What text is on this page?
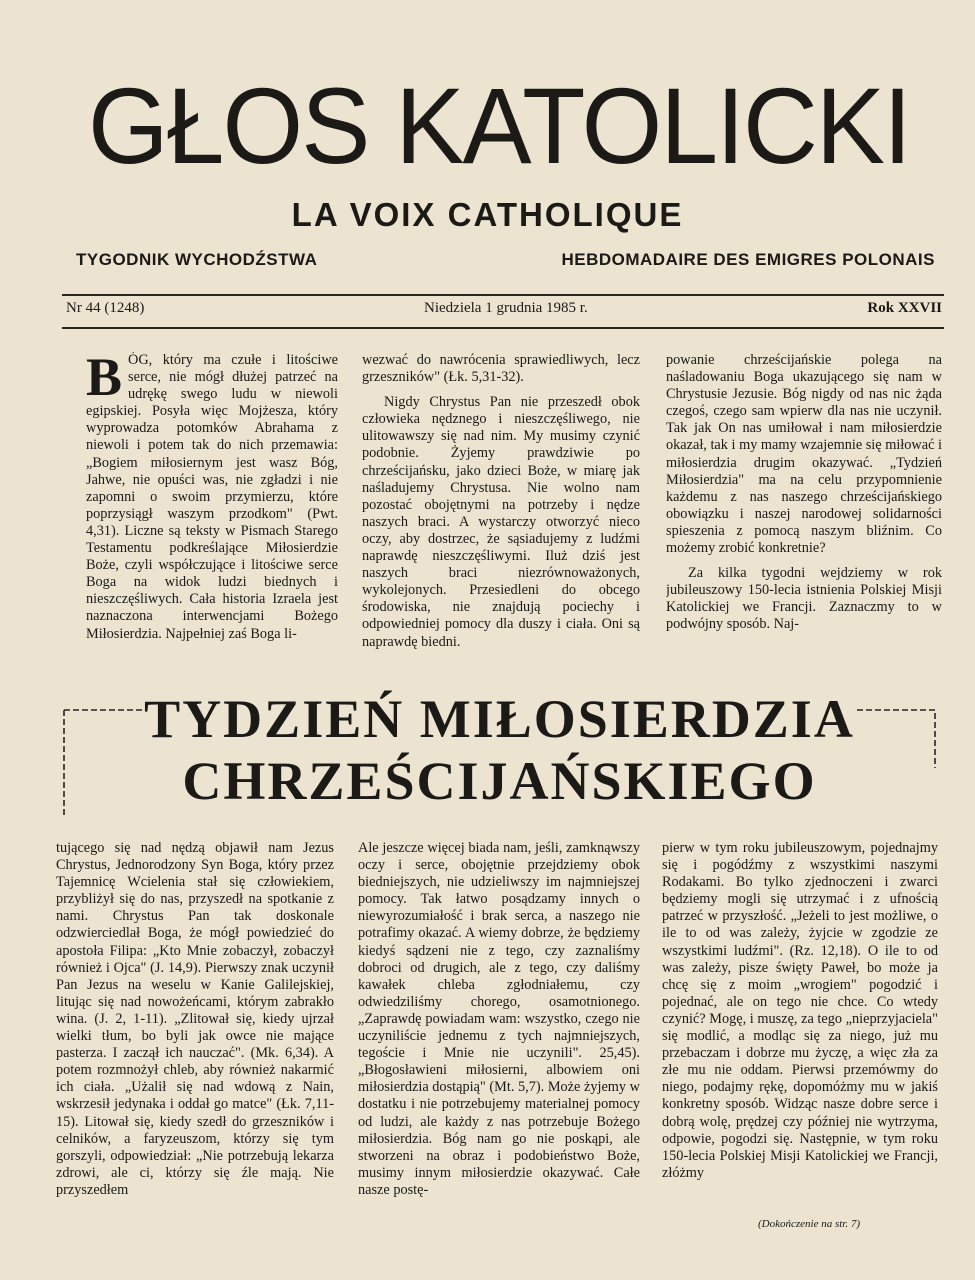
GŁOS KATOLICKI
LA VOIX CATHOLIQUE
TYGODNIK WYCHODŹSTWA	HEBDOMADAIRE DES EMIGRES POLONAIS
Nr 44 (1248)	Niedziela 1 grudnia 1985 r.	Rok XXVII

BÓG, który ma czułe i litościwe serce, nie mógł dłużej patrzeć na udrękę swego ludu w niewoli egipskiej. Posyła więc Mojżesza, który wyprowadza potomków Abrahama z niewoli i potem tak do nich przemawia: „Bogiem miłosiernym jest wasz Bóg, Jahwe, nie opuści was, nie zgładzi i nie zapomni o swoim przymierzu, które poprzysiągł waszym przodkom" (Pwt. 4,31). Liczne są teksty w Pismach Starego Testamentu podkreślające Miłosierdzie Boże, czyli współczujące i litościwe serce Boga na widok ludzi biednych i nieszczęśliwych. Cała historia Izraela jest naznaczona interwencjami Bożego Miłosierdzia. Najpełniej zaś Boga li-

wezwać do nawrócenia sprawiedliwych, lecz grzeszników" (Łk. 5,31-32).

Nigdy Chrystus Pan nie przeszedł obok człowieka nędznego i nieszczęśliwego, nie ulitowawszy się nad nim. My musimy czynić podobnie. Żyjemy prawdziwie po chrześcijańsku, jako dzieci Boże, w miarę jak naśladujemy Chrystusa. Nie wolno nam pozostać obojętnymi na potrzeby i nędze naszych braci. A wystarczy otworzyć nieco oczy, aby dostrzec, że sąsiadujemy z ludźmi naprawdę nieszczęśliwymi. Iluż dziś jest naszych braci niezrównoważonych, wykolejonych. Przesiedleni do obcego środowiska, nie znajdują pociechy i odpowiedniej pomocy dla duszy i ciała. Oni są naprawdę biedni.

powanie chrześcijańskie polega na naśladowaniu Boga ukazującego się nam w Chrystusie Jezusie. Bóg nigdy od nas nic żąda czegoś, czego sam wpierw dla nas nie uczynił. Tak jak On nas umiłował i nam miłosierdzie okazał, tak i my mamy wzajemnie się miłować i miłosierdzia drugim okazywać. „Tydzień Miłosierdzia" ma na celu przypomnienie każdemu z nas naszego chrześcijańskiego obowiązku i naszej narodowej solidarności spieszenia z pomocą naszym bliźnim. Co możemy zrobić konkretnie?

Za kilka tygodni wejdziemy w rok jubileuszowy 150-lecia istnienia Polskiej Misji Katolickiej we Francji. Zaznaczmy to w podwójny sposób. Naj-

TYDZIEŃ MIŁOSIERDZIA
CHRZEŚCIJAŃSKIEGO

tującego się nad nędzą objawił nam Jezus Chrystus, Jednorodzony Syn Boga, który przez Tajemnicę Wcielenia stał się człowiekiem, przybliżył się do nas, przyszedł na spotkanie z nami. Chrystus Pan tak doskonale odzwierciedlał Boga, że mógł powiedzieć do apostoła Filipa: „Kto Mnie zobaczył, zobaczył również i Ojca" (J. 14,9). Pierwszy znak uczynił Pan Jezus na weselu w Kanie Galilejskiej, litując się nad nowożeńcami, którym zabrakło wina. (J. 2, 1-11). „Zlitował się, kiedy ujrzał wielki tłum, bo byli jak owce nie mające pasterza. I zaczął ich nauczać". (Mk. 6,34). A potem rozmnożył chleb, aby również nakarmić ich ciała. „Użalił się nad wdową z Nain, wskrzesił jedynaka i oddał go matce" (Łk. 7,11-15). Litował się, kiedy szedł do grzeszników i celników, a faryzeuszom, którzy się tym gorszyli, odpowiedział: „Nie potrzebują lekarza zdrowi, ale ci, którzy się źle mają. Nie przyszedłem

Ale jeszcze więcej biada nam, jeśli, zamknąwszy oczy i serce, obojętnie przejdziemy obok biedniejszych, nie udzieliwszy im najmniejszej pomocy. Tak łatwo posądzamy innych o niewyrozumiałość i brak serca, a naszego nie potrafimy okazać. A wiemy dobrze, że będziemy kiedyś sądzeni nie z tego, czy zaznaliśmy dobroci od drugich, ale z tego, czy daliśmy kawałek chleba zgłodniałemu, czy odwiedziliśmy chorego, osamotnionego. „Zaprawdę powiadam wam: wszystko, czego nie uczyniliście jednemu z tych najmniejszych, tegoście i Mnie nie uczynili". 25,45). „Błogosławieni miłosierni, albowiem oni miłosierdzia dostąpią" (Mt. 5,7). Może żyjemy w dostatku i nie potrzebujemy materialnej pomocy od ludzi, ale każdy z nas potrzebuje Bożego miłosierdzia. Bóg nam go nie poskąpi, ale stworzeni na obraz i podobieństwo Boże, musimy innym miłosierdzie okazywać. Całe nasze postę-

pierw w tym roku jubileuszowym, pojednajmy się i pogódźmy z wszystkimi naszymi Rodakami. Bo tylko zjednoczeni i zwarci będziemy mogli się utrzymać i z ufnością patrzeć w przyszłość. „Jeżeli to jest możliwe, o ile to od was zależy, żyjcie w zgodzie ze wszystkimi ludźmi". (Rz. 12,18). O ile to od was zależy, pisze święty Paweł, bo może ja chcę się z moim „wrogiem" pogodzić i pojednać, ale on tego nie chce. Co wtedy czynić? Mogę, i muszę, za tego „nieprzyjaciela" się modlić, a modląc się za niego, już mu przebaczam i dobrze mu życzę, a więc zła za złe mu nie oddam. Pierwsi przemówmy do niego, podajmy rękę, dopomóżmy mu w jakiś konkretny sposób. Widząc nasze dobre serce i dobrą wolę, prędzej czy później nie wytrzyma, odpowie, pogodzi się. Następnie, w tym roku 150-lecia Polskiej Misji Katolickiej we Francji, złóżmy

(Dokończenie na str. 7)
